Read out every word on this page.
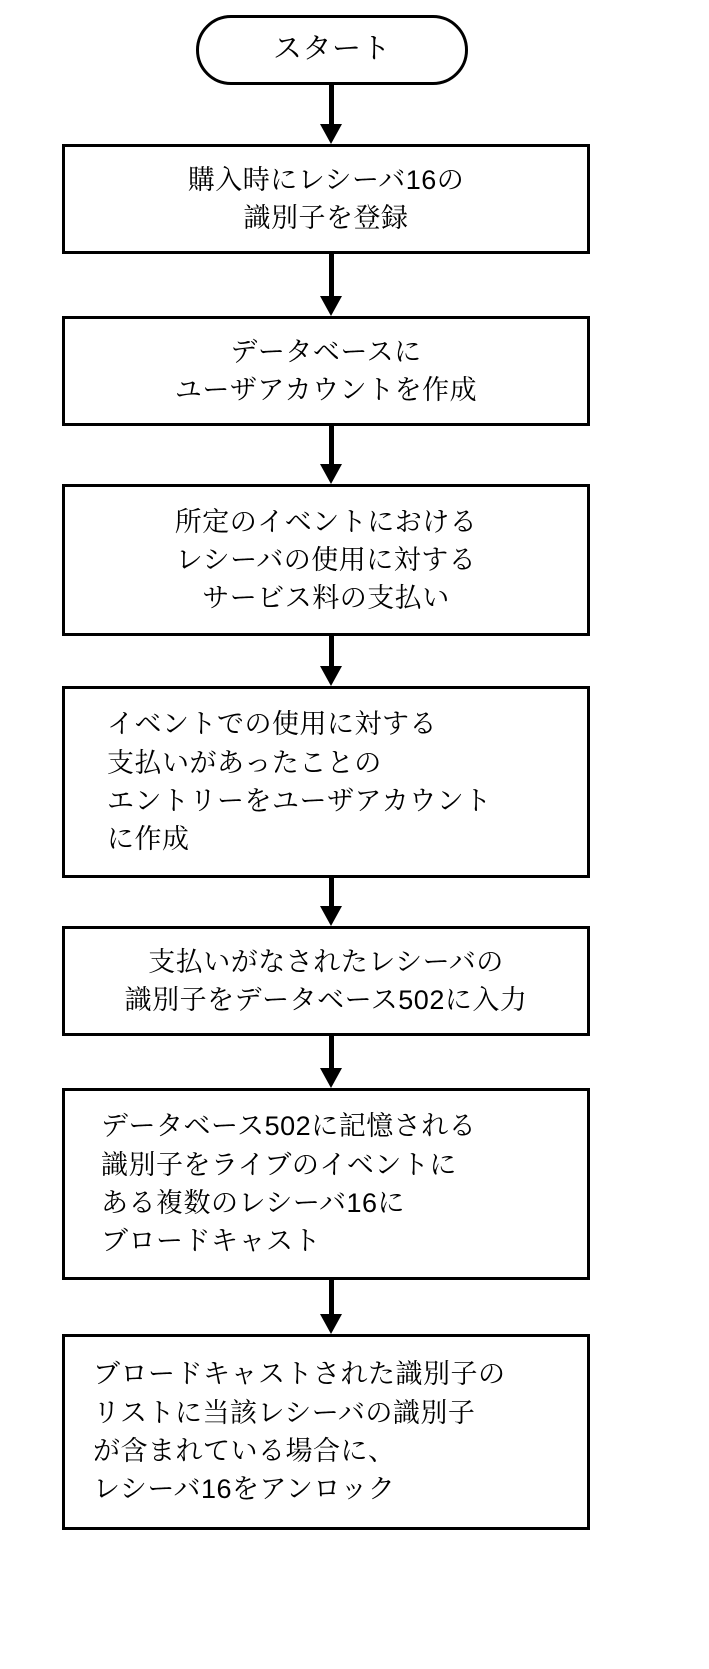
スタート
購入時にレシーバ16の
識別子を登録
データベースに
ユーザアカウントを作成
所定のイベントにおける
レシーバの使用に対する
サービス料の支払い
イベントでの使用に対する
支払いがあったことの
エントリーをユーザアカウント
に作成
支払いがなされたレシーバの
識別子をデータベース502に入力
データベース502に記憶される
識別子をライブのイベントに
ある複数のレシーバ16に
ブロードキャスト
ブロードキャストされた識別子の
リストに当該レシーバの識別子
が含まれている場合に、
レシーバ16をアンロック
